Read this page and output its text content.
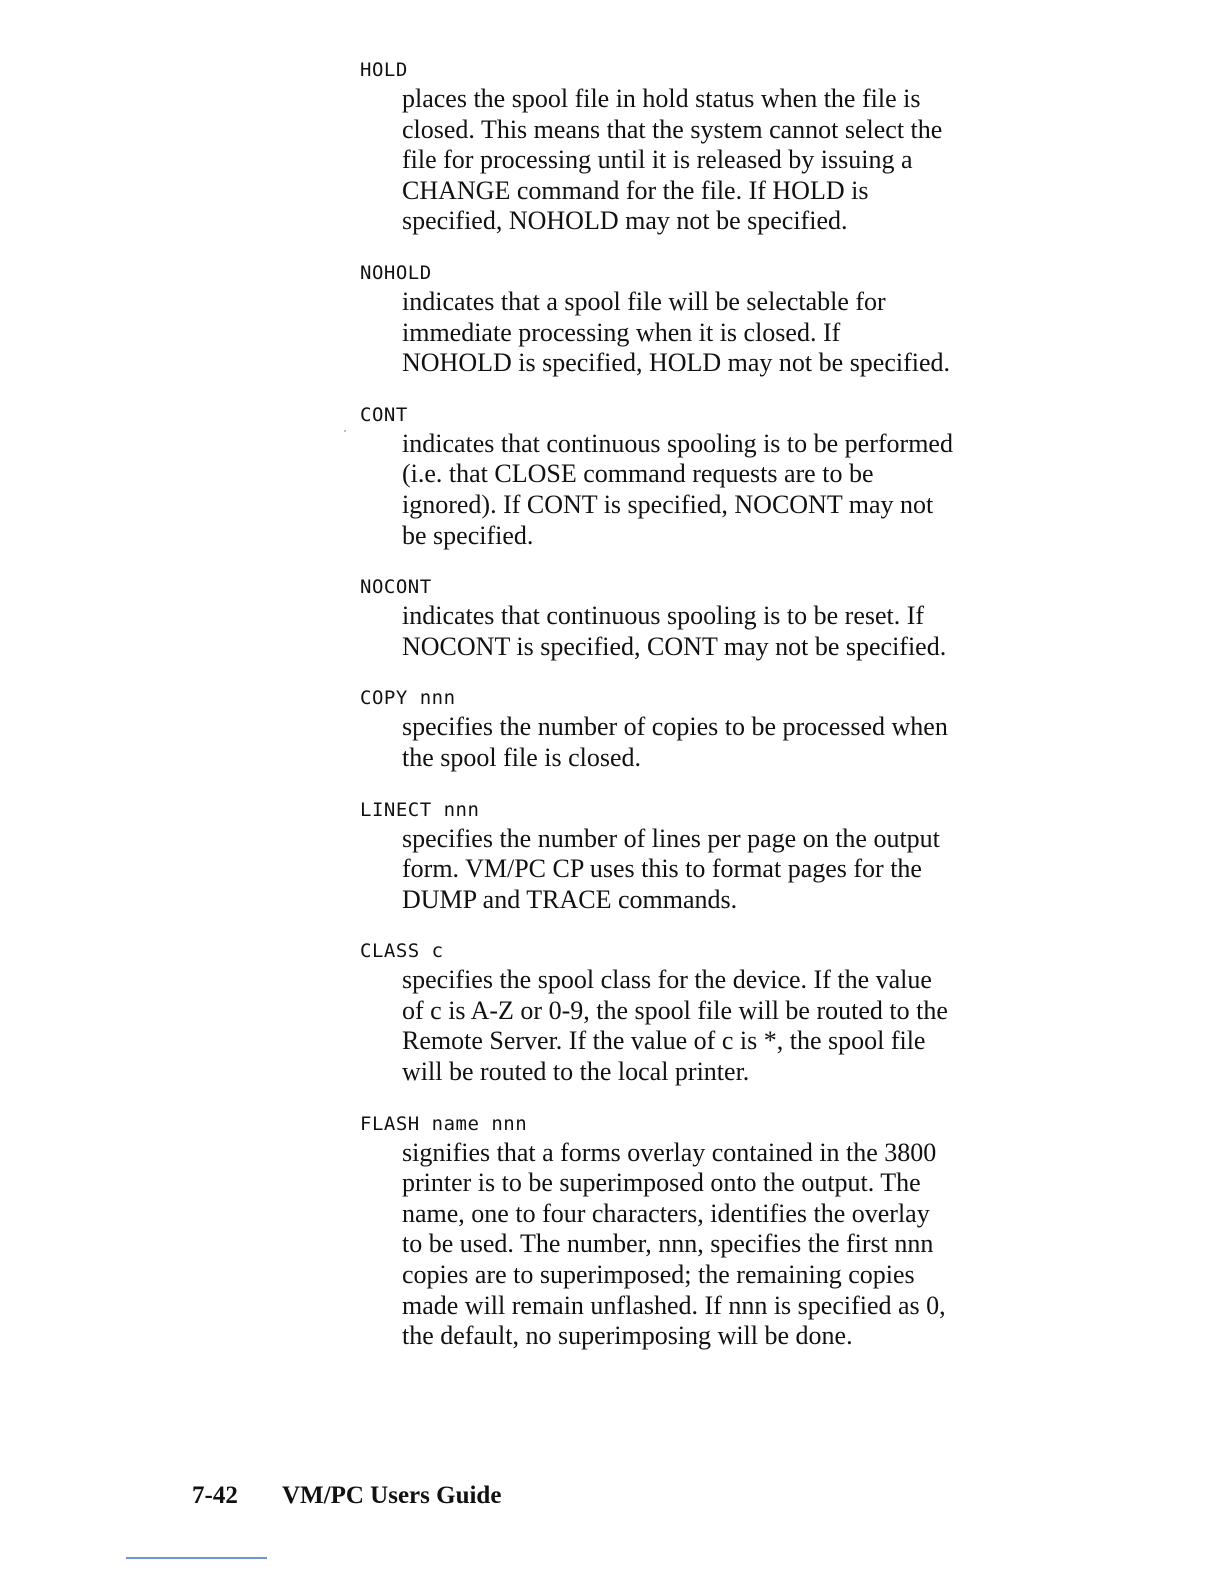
HOLD
places the spool file in hold status when the file is
closed. This means that the system cannot select the
file for processing until it is released by issuing a
CHANGE command for the file. If HOLD is
specified, NOHOLD may not be specified.
NOHOLD
indicates that a spool file will be selectable for
immediate processing when it is closed. If
NOHOLD is specified, HOLD may not be specified.
CONT
indicates that continuous spooling is to be performed
(i.e. that CLOSE command requests are to be
ignored). If CONT is specified, NOCONT may not
be specified.
NOCONT
indicates that continuous spooling is to be reset. If
NOCONT is specified, CONT may not be specified.
COPY nnn
specifies the number of copies to be processed when
the spool file is closed.
LINECT nnn
specifies the number of lines per page on the output
form. VM/PC CP uses this to format pages for the
DUMP and TRACE commands.
CLASS c
specifies the spool class for the device. If the value
of c is A-Z or 0-9, the spool file will be routed to the
Remote Server. If the value of c is *, the spool file
will be routed to the local printer.
FLASH name nnn
signifies that a forms overlay contained in the 3800
printer is to be superimposed onto the output. The
name, one to four characters, identifies the overlay
to be used. The number, nnn, specifies the first nnn
copies are to superimposed; the remaining copies
made will remain unflashed. If nnn is specified as 0,
the default, no superimposing will be done.
7-42 VM/PC Users Guide
